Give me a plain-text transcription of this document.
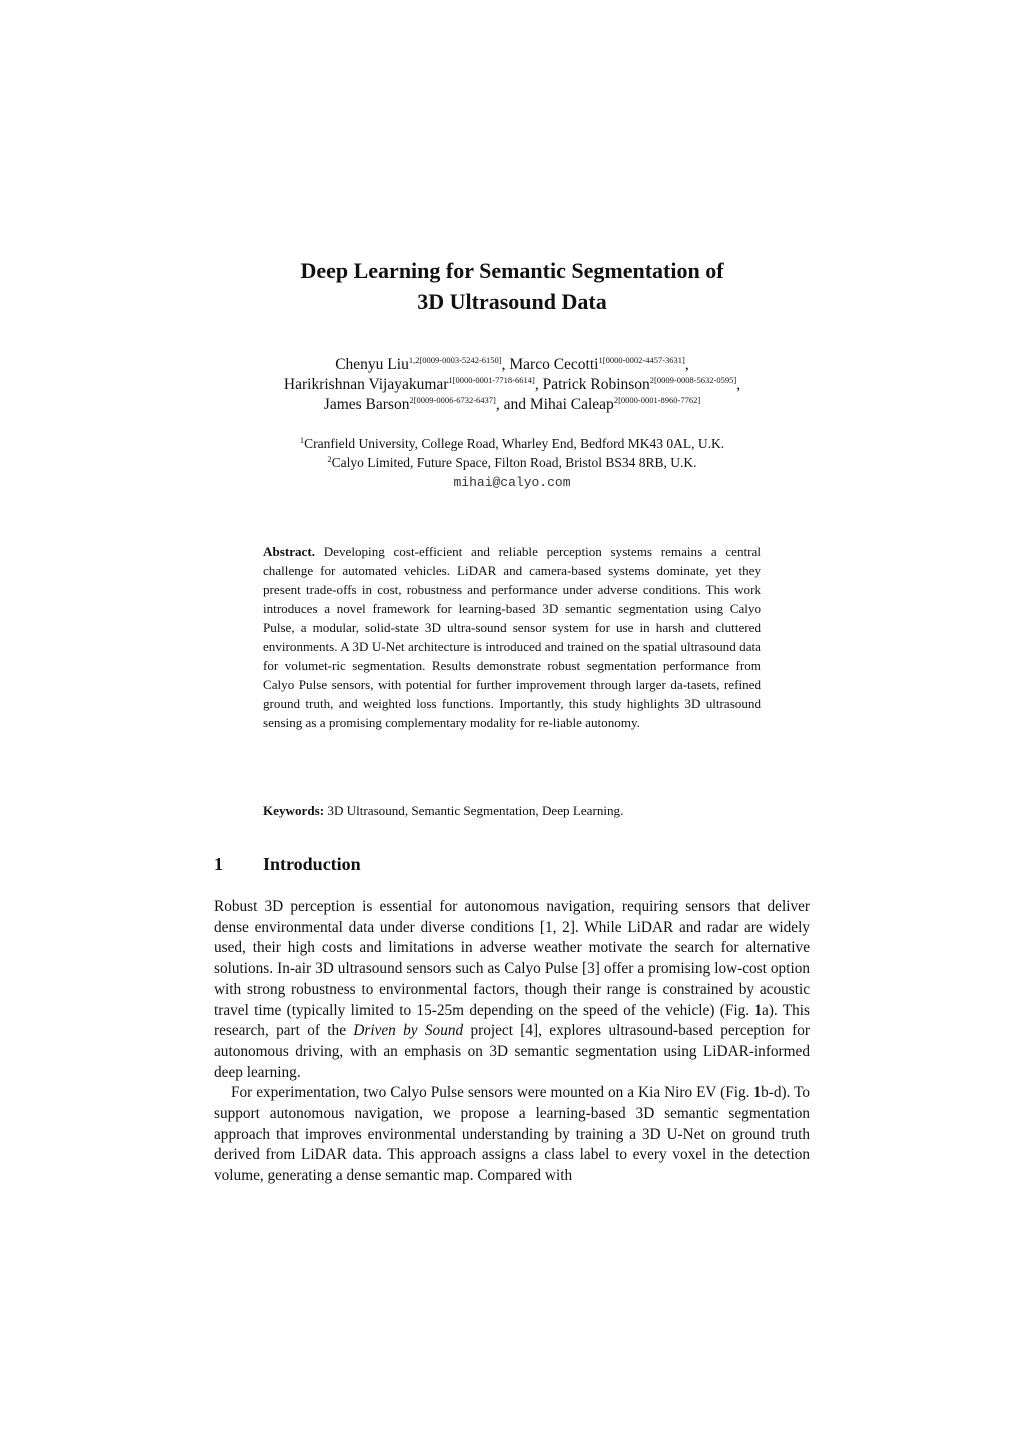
Deep Learning for Semantic Segmentation of
3D Ultrasound Data
Chenyu Liu$^{1,2[0009-0003-5242-6150]}$, Marco Cecotti$^{1[0000-0002-4457-3631]}$,
Harikrishnan Vijayakumar$^{1[0000-0001-7718-6614]}$, Patrick Robinson$^{2[0009-0008-5632-0595]}$,
James Barson$^{2[0009-0006-6732-6437]}$, and Mihai Caleap$^{2[0000-0001-8960-7762]}$
$^1$Cranfield University, College Road, Wharley End, Bedford MK43 0AL, U.K.
$^2$Calyo Limited, Future Space, Filton Road, Bristol BS34 8RB, U.K.
mihai@calyo.com
Abstract. Developing cost-efficient and reliable perception systems remains a central challenge for automated vehicles. LiDAR and camera-based systems dominate, yet they present trade-offs in cost, robustness and performance under adverse conditions. This work introduces a novel framework for learning-based 3D semantic segmentation using Calyo Pulse, a modular, solid-state 3D ultra-sound sensor system for use in harsh and cluttered environments. A 3D U-Net architecture is introduced and trained on the spatial ultrasound data for volumet-ric segmentation. Results demonstrate robust segmentation performance from Calyo Pulse sensors, with potential for further improvement through larger da-tasets, refined ground truth, and weighted loss functions. Importantly, this study highlights 3D ultrasound sensing as a promising complementary modality for re-liable autonomy.
Keywords: 3D Ultrasound, Semantic Segmentation, Deep Learning.
1 Introduction

Robust 3D perception is essential for autonomous navigation, requiring sensors that deliver dense environmental data under diverse conditions [1, 2]. While LiDAR and radar are widely used, their high costs and limitations in adverse weather motivate the search for alternative solutions. In-air 3D ultrasound sensors such as Calyo Pulse [3] offer a promising low-cost option with strong robustness to environmental factors, though their range is constrained by acoustic travel time (typically limited to 15-25m depending on the speed of the vehicle) (Fig. 1a). This research, part of the Driven by Sound project [4], explores ultrasound-based perception for autonomous driving, with an emphasis on 3D semantic segmentation using LiDAR-informed deep learning.

For experimentation, two Calyo Pulse sensors were mounted on a Kia Niro EV (Fig. 1b-d). To support autonomous navigation, we propose a learning-based 3D semantic segmentation approach that improves environmental understanding by training a 3D U-Net on ground truth derived from LiDAR data. This approach assigns a class label to every voxel in the detection volume, generating a dense semantic map. Compared with
